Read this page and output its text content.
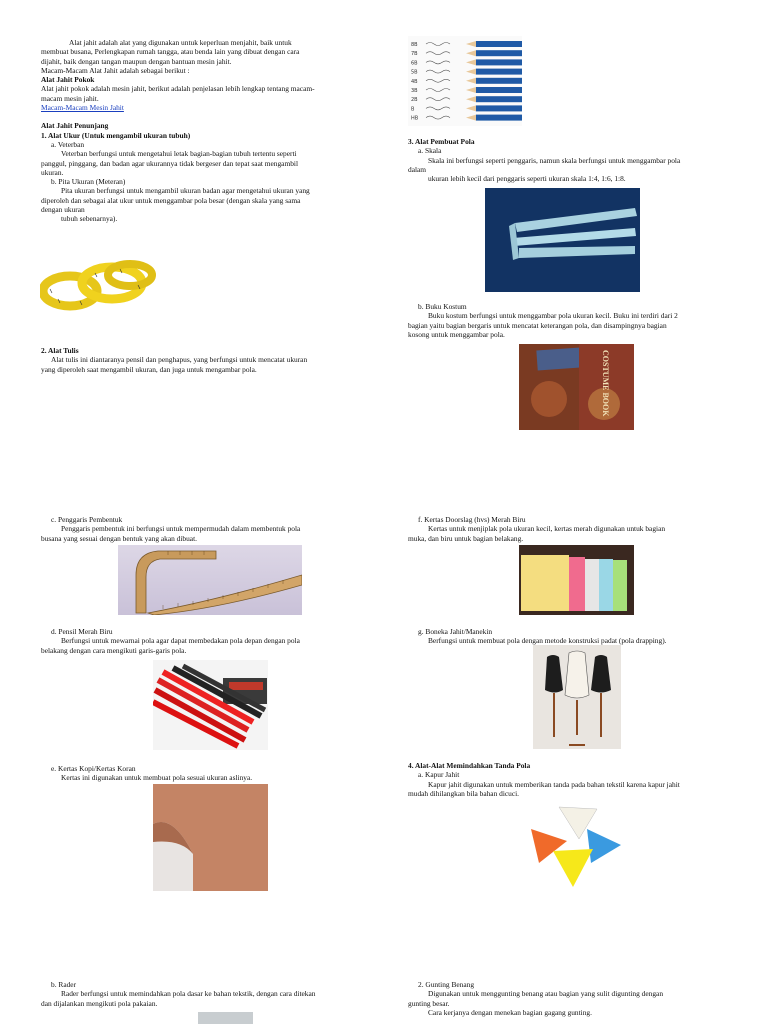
Alat jahit adalah alat yang digunakan untuk keperluan menjahit, baik untuk

membuat busana, Perlengkapan rumah tangga, atau benda lain yang dibuat dengan cara

dijahit, baik dengan tangan maupun dengan bantuan mesin jahit.

Macam-Macam Alat Jahit adalah sebagai berikut :

Alat Jahit Pokok

Alat jahit pokok adalah mesin jahit, berikut adalah penjelasan lebih lengkap tentang macam-

macam mesin jahit.

Macam-Macam Mesin Jahit

Alat Jahit Penunjang

1. Alat Ukur (Untuk mengambil ukuran tubuh)

a. Veterban

Veterban berfungsi untuk mengetahui letak bagian-bagian tubuh tertentu seperti

panggul, pinggang, dan badan agar ukurannya tidak bergeser dan tepat saat mengambil

ukuran.

b. Pita Ukuran (Meteran)

Pita ukuran berfungsi untuk mengambil ukuran badan agar mengetahui ukuran yang

diperoleh dan sebagai alat ukur untuk menggambar pola besar (dengan skala yang sama

dengan ukuran

tubuh sebenarnya).

2. Alat Tulis

Alat tulis ini diantaranya pensil dan penghapus, yang berfungsi untuk mencatat ukuran

yang diperoleh saat mengambil ukuran, dan juga untuk mengambar pola.

c. Penggaris Pembentuk

Penggaris pembentuk ini berfungsi untuk mempermudah dalam membentuk pola

busana yang sesuai dengan bentuk yang akan dibuat.

d. Pensil Merah Biru

Berfungsi untuk mewarnai pola agar dapat membedakan pola depan dengan pola

belakang dengan cara mengikuti garis-garis pola.

e. Kertas Kopi/Kertas Koran

Kertas ini digunakan untuk membuat pola sesuai ukuran aslinya.

b. Rader

Rader berfungsi untuk memindahkan pola dasar ke bahan tekstik, dengan cara ditekan

dan dijalankan mengikuti pola pakaian.

8B
7B
6B
5B
4B
3B
2B
B
HB

3. Alat Pembuat Pola

a. Skala

Skala ini berfungsi seperti penggaris, namun skala berfungsi untuk menggambar pola

dalam

ukuran lebih kecil dari penggaris seperti ukuran skala 1:4, 1:6, 1:8.

b. Buku Kostum

Buku kostum berfungsi untuk menggambar pola ukuran kecil. Buku ini terdiri dari 2

bagian yaitu bagian bergaris untuk mencatat keterangan pola, dan disampingnya bagian

kosong untuk menggambar pola.

COSTUME BOOK

f. Kertas Doorslag (hvs) Merah Biru

Kertas untuk menjiplak pola ukuran kecil, kertas merah digunakan untuk bagian

muka, dan biru untuk bagian belakang.

g. Boneka Jahit/Manekin

Berfungsi untuk membuat pola dengan metode konstruksi padat (pola drapping).

4. Alat-Alat Memindahkan Tanda Pola

a. Kapur Jahit

Kapur jahit digunakan untuk memberikan tanda pada bahan tekstil karena kapur jahit

mudah dihilangkan bila bahan dicuci.

2. Gunting Benang

Digunakan untuk menggunting benang atau bagian yang sulit digunting dengan

gunting besar.

Cara kerjanya dengan menekan bagian gagang gunting.
